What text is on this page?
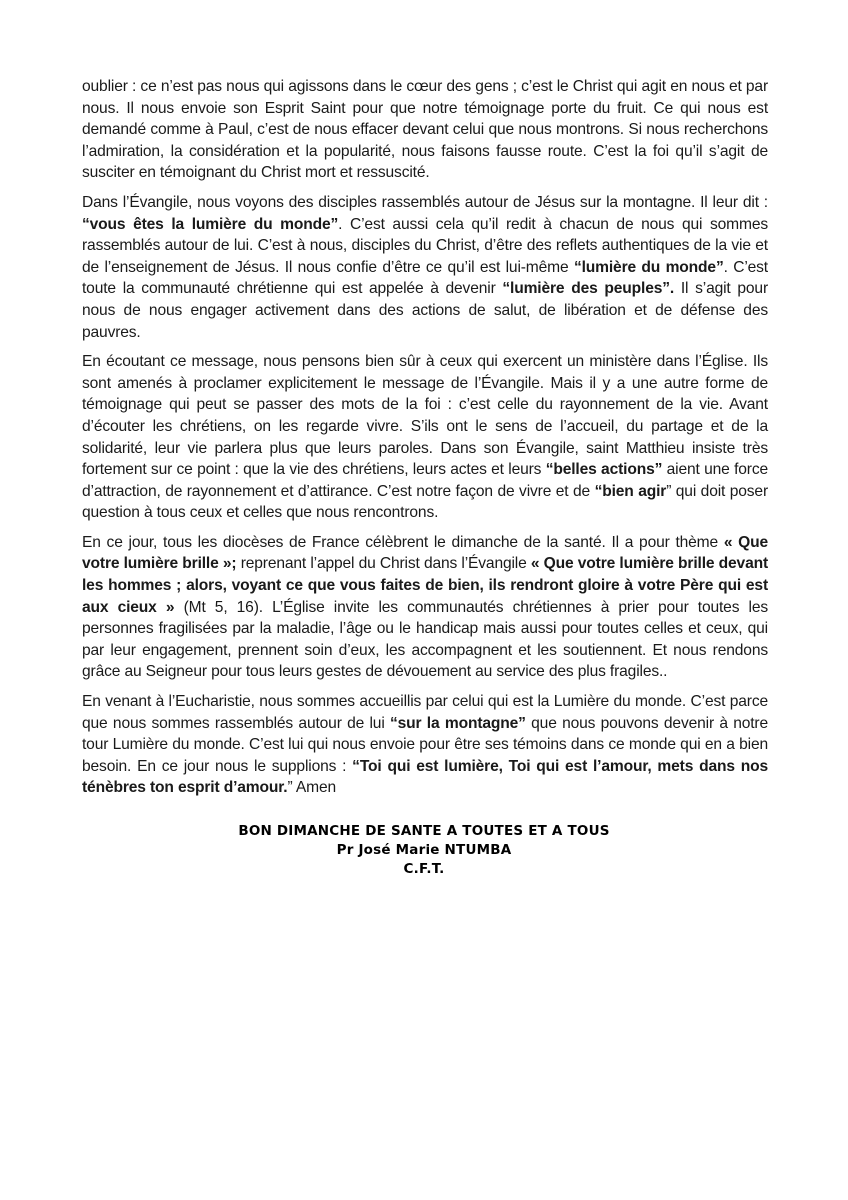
oublier : ce n’est pas nous qui agissons dans le cœur des gens ; c’est le Christ qui agit en nous et par nous. Il nous envoie son Esprit Saint pour que notre témoignage porte du fruit. Ce qui nous est demandé comme à Paul, c’est de nous effacer devant celui que nous montrons. Si nous recherchons l’admiration, la considération et la popularité, nous faisons fausse route. C’est la foi qu’il s’agit de susciter en témoignant du Christ mort et ressuscité.

Dans l’Évangile, nous voyons des disciples rassemblés autour de Jésus sur la montagne. Il leur dit : “vous êtes la lumière du monde”. C’est aussi cela qu’il redit à chacun de nous qui sommes rassemblés autour de lui. C’est à nous, disciples du Christ, d’être des reflets authentiques de la vie et de l’enseignement de Jésus. Il nous confie d’être ce qu’il est lui-même “lumière du monde”. C’est toute la communauté chrétienne qui est appelée à devenir “lumière des peuples”. Il s’agit pour nous de nous engager activement dans des actions de salut, de libération et de défense des pauvres.

En écoutant ce message, nous pensons bien sûr à ceux qui exercent un ministère dans l’Église. Ils sont amenés à proclamer explicitement le message de l’Évangile. Mais il y a une autre forme de témoignage qui peut se passer des mots de la foi : c’est celle du rayonnement de la vie. Avant d’écouter les chrétiens, on les regarde vivre. S’ils ont le sens de l’accueil, du partage et de la solidarité, leur vie parlera plus que leurs paroles. Dans son Évangile, saint Matthieu insiste très fortement sur ce point : que la vie des chrétiens, leurs actes et leurs “belles actions” aient une force d’attraction, de rayonnement et d’attirance. C’est notre façon de vivre et de “bien agir” qui doit poser question à tous ceux et celles que nous rencontrons.

En ce jour, tous les diocèses de France célèbrent le dimanche de la santé. Il a pour thème « Que votre lumière brille »; reprenant l’appel du Christ dans l’Évangile « Que votre lumière brille devant les hommes ; alors, voyant ce que vous faites de bien, ils rendront gloire à votre Père qui est aux cieux » (Mt 5, 16). L’Église invite les communautés chrétiennes à prier pour toutes les personnes fragilisées par la maladie, l’âge ou le handicap mais aussi pour toutes celles et ceux, qui par leur engagement, prennent soin d’eux, les accompagnent et les soutiennent. Et nous rendons grâce au Seigneur pour tous leurs gestes de dévouement au service des plus fragiles..

En venant à l’Eucharistie, nous sommes accueillis par celui qui est la Lumière du monde. C’est parce que nous sommes rassemblés autour de lui “sur la montagne” que nous pouvons devenir à notre tour Lumière du monde. C’est lui qui nous envoie pour être ses témoins dans ce monde qui en a bien besoin. En ce jour nous le supplions : “Toi qui est lumière, Toi qui est l’amour, mets dans nos ténèbres ton esprit d’amour.” Amen

BON DIMANCHE DE SANTE A TOUTES ET A TOUS
Pr José Marie NTUMBA
C.F.T.
